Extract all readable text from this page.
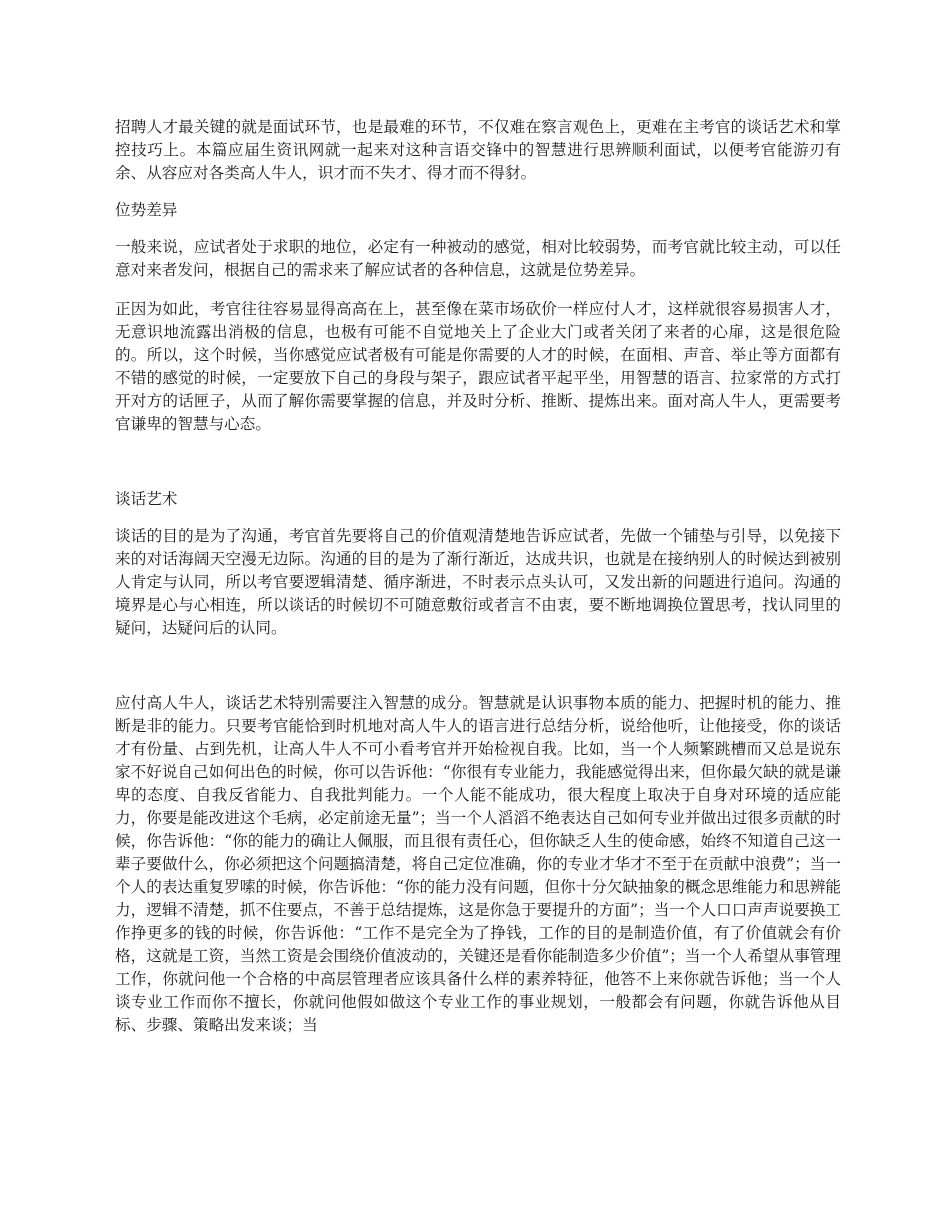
招聘人才最关键的就是面试环节，也是最难的环节，不仅难在察言观色上，更难在主考官的谈话艺术和掌控技巧上。本篇应届生资讯网就一起来对这种言语交锋中的智慧进行思辨顺利面试，以便考官能游刃有余、从容应对各类高人牛人，识才而不失才、得才而不得豺。

位势差异

一般来说，应试者处于求职的地位，必定有一种被动的感觉，相对比较弱势，而考官就比较主动，可以任意对来者发问，根据自己的需求来了解应试者的各种信息，这就是位势差异。

正因为如此，考官往往容易显得高高在上，甚至像在菜市场砍价一样应付人才，这样就很容易损害人才，无意识地流露出消极的信息，也极有可能不自觉地关上了企业大门或者关闭了来者的心扉，这是很危险的。所以，这个时候，当你感觉应试者极有可能是你需要的人才的时候，在面相、声音、举止等方面都有不错的感觉的时候，一定要放下自己的身段与架子，跟应试者平起平坐，用智慧的语言、拉家常的方式打开对方的话匣子，从而了解你需要掌握的信息，并及时分析、推断、提炼出来。面对高人牛人，更需要考官谦卑的智慧与心态。

谈话艺术

谈话的目的是为了沟通，考官首先要将自己的价值观清楚地告诉应试者，先做一个铺垫与引导，以免接下来的对话海阔天空漫无边际。沟通的目的是为了渐行渐近，达成共识，也就是在接纳别人的时候达到被别人肯定与认同，所以考官要逻辑清楚、循序渐进，不时表示点头认可，又发出新的问题进行追问。沟通的境界是心与心相连，所以谈话的时候切不可随意敷衍或者言不由衷，要不断地调换位置思考，找认同里的疑问，达疑问后的认同。

应付高人牛人，谈话艺术特别需要注入智慧的成分。智慧就是认识事物本质的能力、把握时机的能力、推断是非的能力。只要考官能恰到时机地对高人牛人的语言进行总结分析，说给他听，让他接受，你的谈话才有份量、占到先机，让高人牛人不可小看考官并开始检视自我。比如，当一个人频繁跳槽而又总是说东家不好说自己如何出色的时候，你可以告诉他：“你很有专业能力，我能感觉得出来，但你最欠缺的就是谦卑的态度、自我反省能力、自我批判能力。一个人能不能成功，很大程度上取决于自身对环境的适应能力，你要是能改进这个毛病，必定前途无量”；当一个人滔滔不绝表达自己如何专业并做出过很多贡献的时候，你告诉他：“你的能力的确让人佩服，而且很有责任心，但你缺乏人生的使命感，始终不知道自己这一辈子要做什么，你必须把这个问题搞清楚，将自己定位准确，你的专业才华才不至于在贡献中浪费”；当一个人的表达重复罗嗦的时候，你告诉他：“你的能力没有问题，但你十分欠缺抽象的概念思维能力和思辨能力，逻辑不清楚，抓不住要点，不善于总结提炼，这是你急于要提升的方面”；当一个人口口声声说要换工作挣更多的钱的时候，你告诉他：“工作不是完全为了挣钱，工作的目的是制造价值，有了价值就会有价格，这就是工资，当然工资是会围绕价值波动的，关键还是看你能制造多少价值”；当一个人希望从事管理工作，你就问他一个合格的中高层管理者应该具备什么样的素养特征，他答不上来你就告诉他；当一个人谈专业工作而你不擅长，你就问他假如做这个专业工作的事业规划，一般都会有问题，你就告诉他从目标、步骤、策略出发来谈；当
